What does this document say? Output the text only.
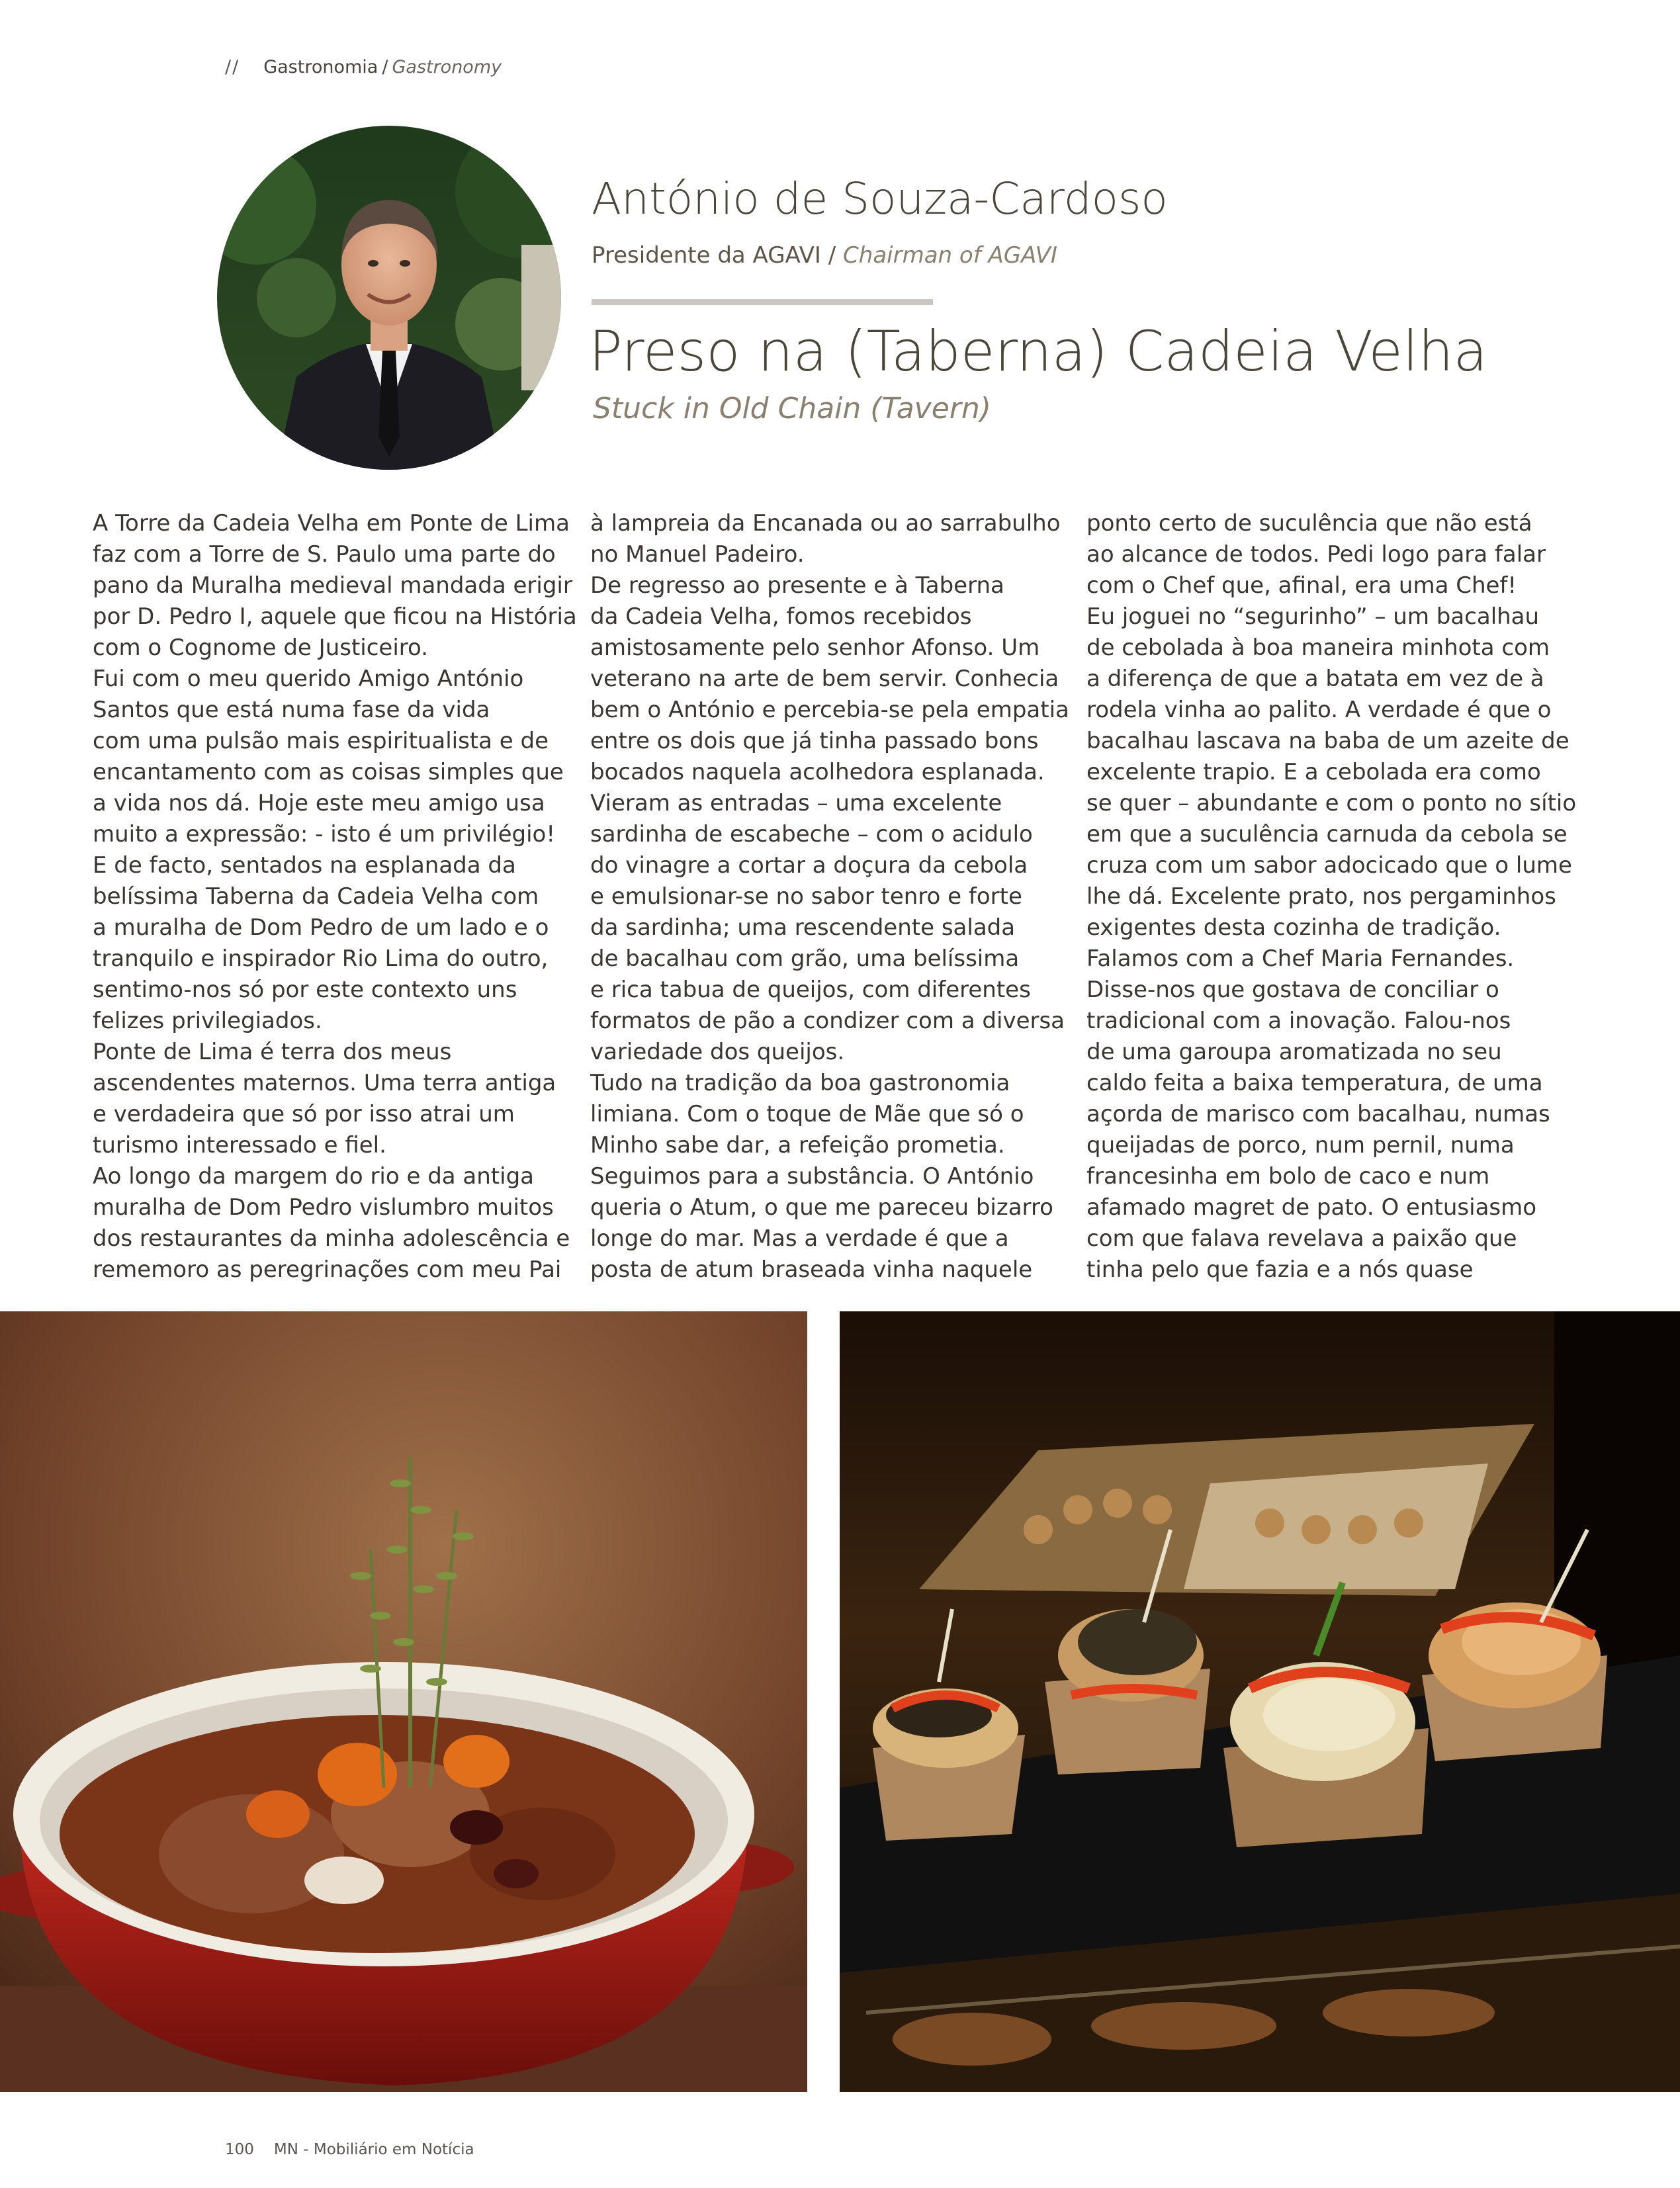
// Gastronomia / Gastronomy
António de Souza-Cardoso
Presidente da AGAVI / Chairman of AGAVI
Preso na (Taberna) Cadeia Velha
Stuck in Old Chain (Tavern)
A Torre da Cadeia Velha em Ponte de Lima
faz com a Torre de S. Paulo uma parte do
pano da Muralha medieval mandada erigir
por D. Pedro I, aquele que ficou na História
com o Cognome de Justiceiro.
Fui com o meu querido Amigo António
Santos que está numa fase da vida
com uma pulsão mais espiritualista e de
encantamento com as coisas simples que
a vida nos dá. Hoje este meu amigo usa
muito a expressão: - isto é um privilégio!
E de facto, sentados na esplanada da
belíssima Taberna da Cadeia Velha com
a muralha de Dom Pedro de um lado e o
tranquilo e inspirador Rio Lima do outro,
sentimo-nos só por este contexto uns
felizes privilegiados.
Ponte de Lima é terra dos meus
ascendentes maternos. Uma terra antiga
e verdadeira que só por isso atrai um
turismo interessado e fiel.
Ao longo da margem do rio e da antiga
muralha de Dom Pedro vislumbro muitos
dos restaurantes da minha adolescência e
rememoro as peregrinações com meu Pai
à lampreia da Encanada ou ao sarrabulho
no Manuel Padeiro.
De regresso ao presente e à Taberna
da Cadeia Velha, fomos recebidos
amistosamente pelo senhor Afonso. Um
veterano na arte de bem servir. Conhecia
bem o António e percebia-se pela empatia
entre os dois que já tinha passado bons
bocados naquela acolhedora esplanada.
Vieram as entradas – uma excelente
sardinha de escabeche – com o acidulo
do vinagre a cortar a doçura da cebola
e emulsionar-se no sabor tenro e forte
da sardinha; uma rescendente salada
de bacalhau com grão, uma belíssima
e rica tabua de queijos, com diferentes
formatos de pão a condizer com a diversa
variedade dos queijos.
Tudo na tradição da boa gastronomia
limiana. Com o toque de Mãe que só o
Minho sabe dar, a refeição prometia.
Seguimos para a substância. O António
queria o Atum, o que me pareceu bizarro
longe do mar. Mas a verdade é que a
posta de atum braseada vinha naquele
ponto certo de suculência que não está
ao alcance de todos. Pedi logo para falar
com o Chef que, afinal, era uma Chef!
Eu joguei no “segurinho” – um bacalhau
de cebolada à boa maneira minhota com
a diferença de que a batata em vez de à
rodela vinha ao palito. A verdade é que o
bacalhau lascava na baba de um azeite de
excelente trapio. E a cebolada era como
se quer – abundante e com o ponto no sítio
em que a suculência carnuda da cebola se
cruza com um sabor adocicado que o lume
lhe dá. Excelente prato, nos pergaminhos
exigentes desta cozinha de tradição.
Falamos com a Chef Maria Fernandes.
Disse-nos que gostava de conciliar o
tradicional com a inovação. Falou-nos
de uma garoupa aromatizada no seu
caldo feita a baixa temperatura, de uma
açorda de marisco com bacalhau, numas
queijadas de porco, num pernil, numa
francesinha em bolo de caco e num
afamado magret de pato. O entusiasmo
com que falava revelava a paixão que
tinha pelo que fazia e a nós quase
100 MN - Mobiliário em Notícia
